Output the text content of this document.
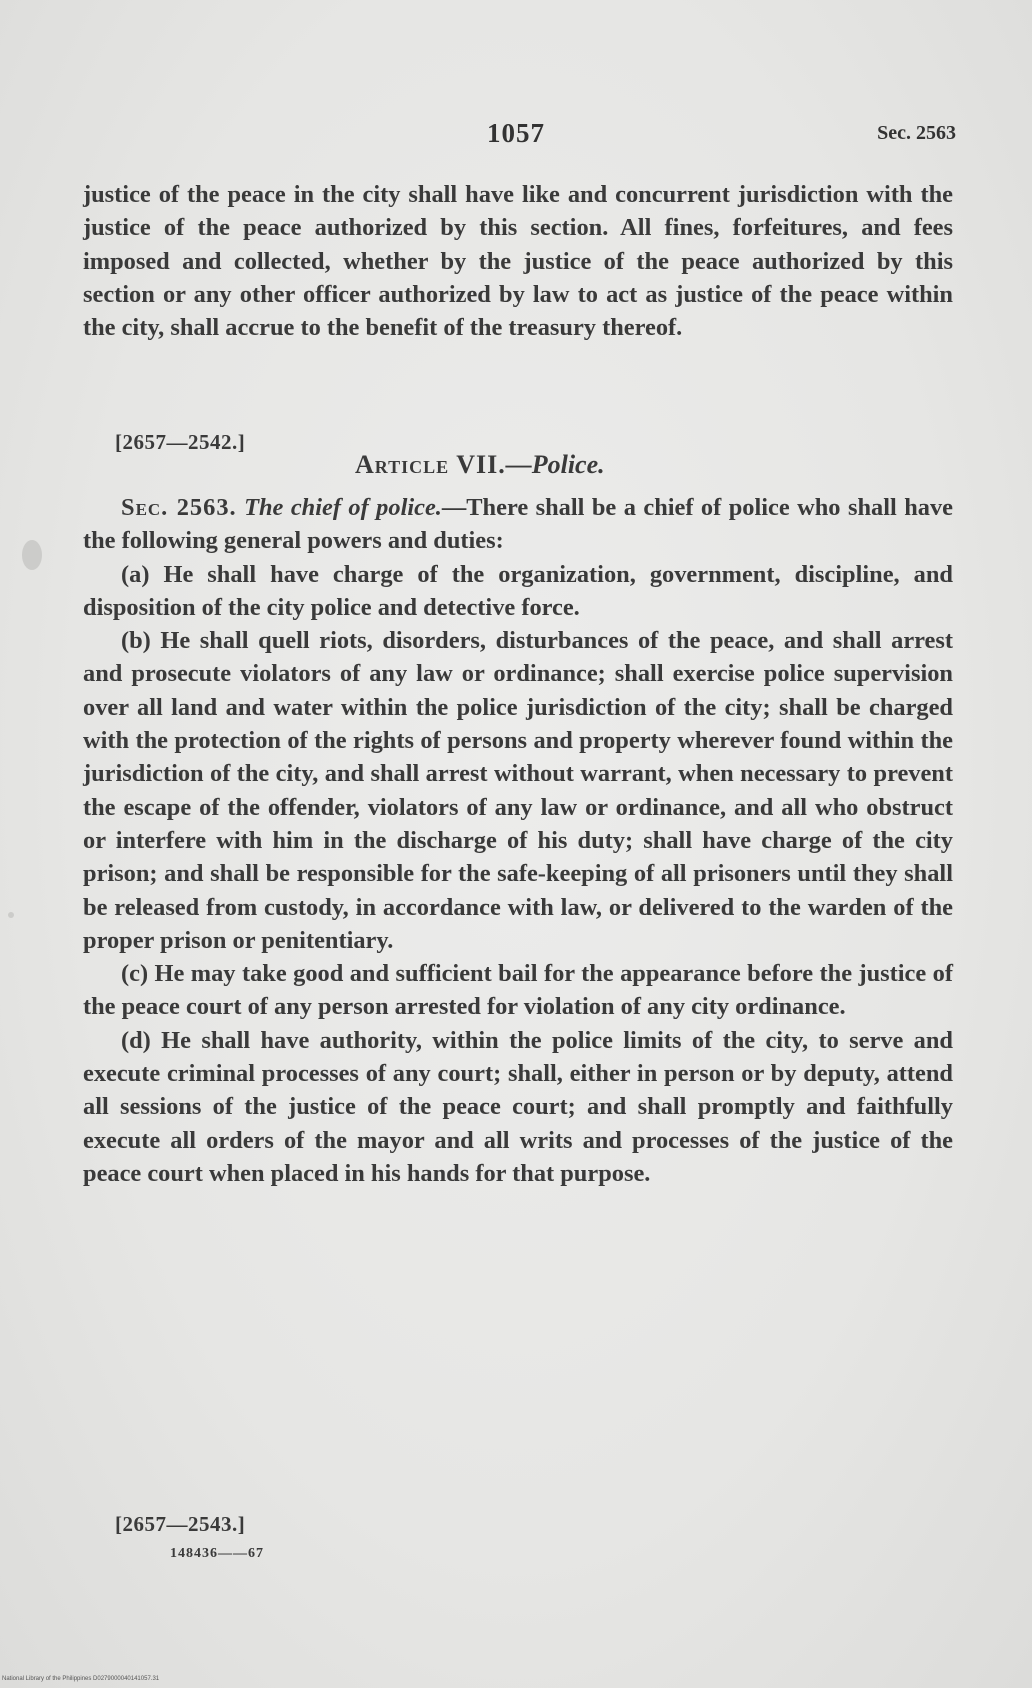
1057	Sec. 2563

justice of the peace in the city shall have like and concurrent jurisdiction with the justice of the peace authorized by this section. All fines, forfeitures, and fees imposed and collected, whether by the justice of the peace authorized by this section or any other officer authorized by law to act as justice of the peace within the city, shall accrue to the benefit of the treasury thereof.

[2657—2542.]
Article VII.—Police.

Sec. 2563. The chief of police.—There shall be a chief of police who shall have the following general powers and duties:

(a) He shall have charge of the organization, government, discipline, and disposition of the city police and detective force.

(b) He shall quell riots, disorders, disturbances of the peace, and shall arrest and prosecute violators of any law or ordinance; shall exercise police supervision over all land and water within the police jurisdiction of the city; shall be charged with the protection of the rights of persons and property wherever found within the jurisdiction of the city, and shall arrest without warrant, when necessary to prevent the escape of the offender, violators of any law or ordinance, and all who obstruct or interfere with him in the discharge of his duty; shall have charge of the city prison; and shall be responsible for the safe-keeping of all prisoners until they shall be released from custody, in accordance with law, or delivered to the warden of the proper prison or penitentiary.

(c) He may take good and sufficient bail for the appearance before the justice of the peace court of any person arrested for violation of any city ordinance.

(d) He shall have authority, within the police limits of the city, to serve and execute criminal processes of any court; shall, either in person or by deputy, attend all sessions of the justice of the peace court; and shall promptly and faithfully execute all orders of the mayor and all writs and processes of the justice of the peace court when placed in his hands for that purpose.

[2657—2543.]
148436——67
National Library of the Philippines D0279000040141057.31
